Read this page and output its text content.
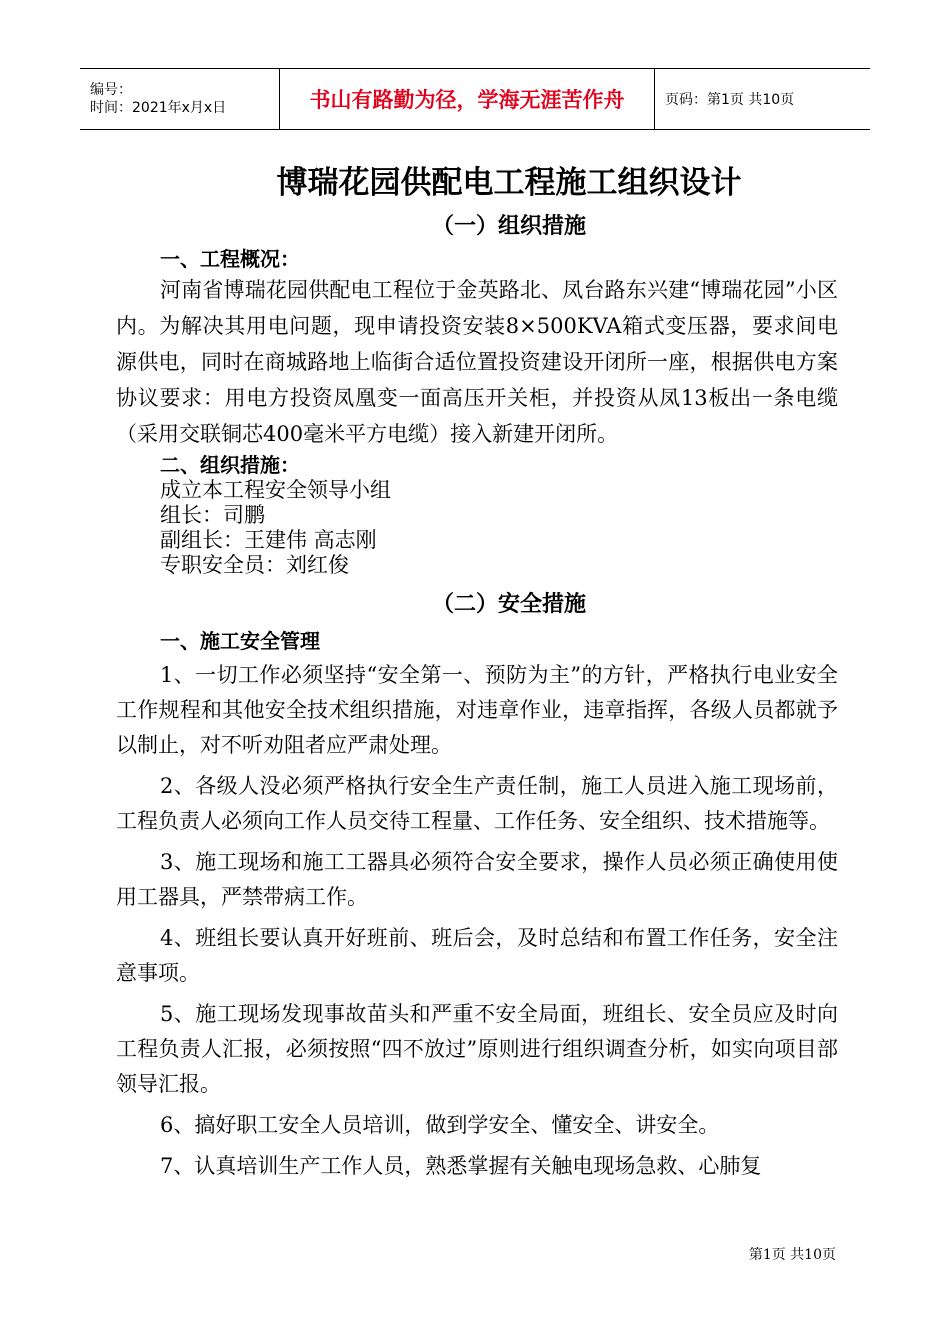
编号：
时间：2021年x月x日	书山有路勤为径，学海无涯苦作舟	页码：第1页 共10页
博瑞花园供配电工程施工组织设计
（一）组织措施
一、工程概况：

河南省博瑞花园供配电工程位于金英路北、凤台路东兴建“博瑞花园”小区内。为解决其用电问题，现申请投资安装8×500KVA箱式变压器，要求间电源供电，同时在商城路地上临街合适位置投资建设开闭所一座，根据供电方案协议要求：用电方投资凤凰变一面高压开关柜，并投资从凤13板出一条电缆（采用交联铜芯400毫米平方电缆）接入新建开闭所。

二、组织措施：
成立本工程安全领导小组
组长：司鹏
副组长：王建伟 高志刚
专职安全员：刘红俊
（二）安全措施
一、施工安全管理

1、一切工作必须坚持“安全第一、预防为主”的方针，严格执行电业安全工作规程和其他安全技术组织措施，对违章作业，违章指挥，各级人员都就予以制止，对不听劝阻者应严肃处理。

2、各级人没必须严格执行安全生产责任制，施工人员进入施工现场前，工程负责人必须向工作人员交待工程量、工作任务、安全组织、技术措施等。

3、施工现场和施工工器具必须符合安全要求，操作人员必须正确使用使用工器具，严禁带病工作。

4、班组长要认真开好班前、班后会，及时总结和布置工作任务，安全注意事项。

5、施工现场发现事故苗头和严重不安全局面，班组长、安全员应及时向工程负责人汇报，必须按照“四不放过”原则进行组织调查分析，如实向项目部领导汇报。

6、搞好职工安全人员培训，做到学安全、懂安全、讲安全。

7、认真培训生产工作人员，熟悉掌握有关触电现场急救、心肺复

第1页 共10页
